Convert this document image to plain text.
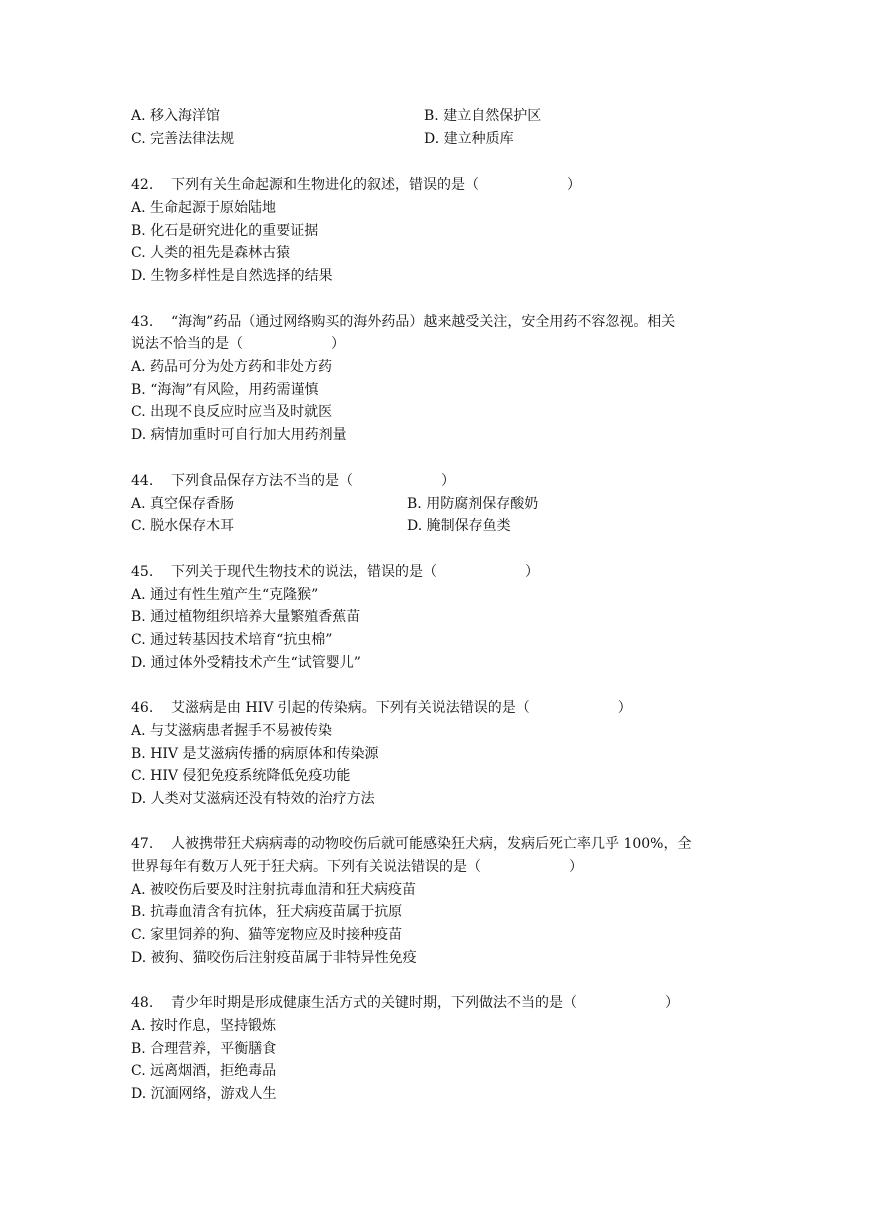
A. 移入海洋馆	B. 建立自然保护区
C. 完善法律法规	D. 建立种质库
42. 下列有关生命起源和生物进化的叙述，错误的是（	）
A. 生命起源于原始陆地
B. 化石是研究进化的重要证据
C. 人类的祖先是森林古猿
D. 生物多样性是自然选择的结果
43. “海淘”药品（通过网络购买的海外药品）越来越受关注，安全用药不容忽视。相关
说法不恰当的是（	）
A. 药品可分为处方药和非处方药
B. “海淘”有风险，用药需谨慎
C. 出现不良反应时应当及时就医
D. 病情加重时可自行加大用药剂量
44. 下列食品保存方法不当的是（	）
A. 真空保存香肠	B. 用防腐剂保存酸奶
C. 脱水保存木耳	D. 腌制保存鱼类
45. 下列关于现代生物技术的说法，错误的是（	）
A. 通过有性生殖产生“克隆猴”
B. 通过植物组织培养大量繁殖香蕉苗
C. 通过转基因技术培育“抗虫棉”
D. 通过体外受精技术产生“试管婴儿”
46. 艾滋病是由 HIV 引起的传染病。下列有关说法错误的是（	）
A. 与艾滋病患者握手不易被传染
B. HIV 是艾滋病传播的病原体和传染源
C. HIV 侵犯免疫系统降低免疫功能
D. 人类对艾滋病还没有特效的治疗方法
47. 人被携带狂犬病病毒的动物咬伤后就可能感染狂犬病，发病后死亡率几乎 100%，全
世界每年有数万人死于狂犬病。下列有关说法错误的是（	）
A. 被咬伤后要及时注射抗毒血清和狂犬病疫苗
B. 抗毒血清含有抗体，狂犬病疫苗属于抗原
C. 家里饲养的狗、猫等宠物应及时接种疫苗
D. 被狗、猫咬伤后注射疫苗属于非特异性免疫
48. 青少年时期是形成健康生活方式的关键时期，下列做法不当的是（	）
A. 按时作息，坚持锻炼
B. 合理营养，平衡膳食
C. 远离烟酒，拒绝毒品
D. 沉湎网络，游戏人生
